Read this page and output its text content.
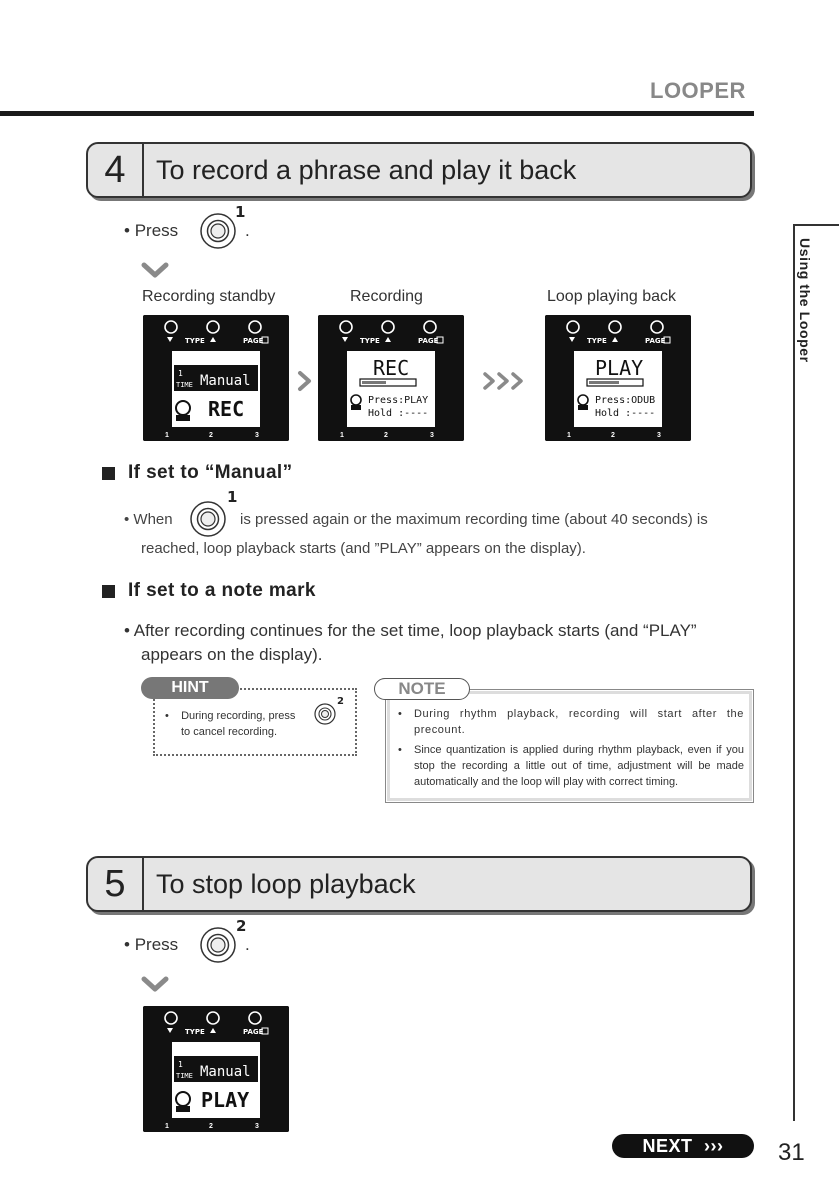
LOOPER
Using the Looper
4	To record a phrase and play it back
• Press
1
.
Recording standby	Recording	Loop playing back
TYPE	PAGE
1
TIME Manual
REC
1	2	3
TYPE	PAGE
REC
Press:PLAY
Hold :----
1	2	3
TYPE	PAGE
PLAY
Press:ODUB
Hold :----
1	2	3
If set to “Manual”
• When
1
is pressed again or the maximum recording time (about 40 seconds) is
reached, loop playback starts (and ”PLAY” appears on the display).
If set to a note mark
• After recording continues for the set time, loop playback starts (and “PLAY”
appears on the display).
HINT
•    During recording, press
to cancel recording.
2
NOTE
•	During rhythm playback, recording will start after the precount.
•	Since quantization is applied during rhythm playback, even if you stop the recording a little out of time, adjustment will be made automatically and the loop will play with correct timing.
5	To stop loop playback
• Press
2
.
TYPE	PAGE
1
TIME Manual
PLAY
1	2	3
NEXT ›››	31
